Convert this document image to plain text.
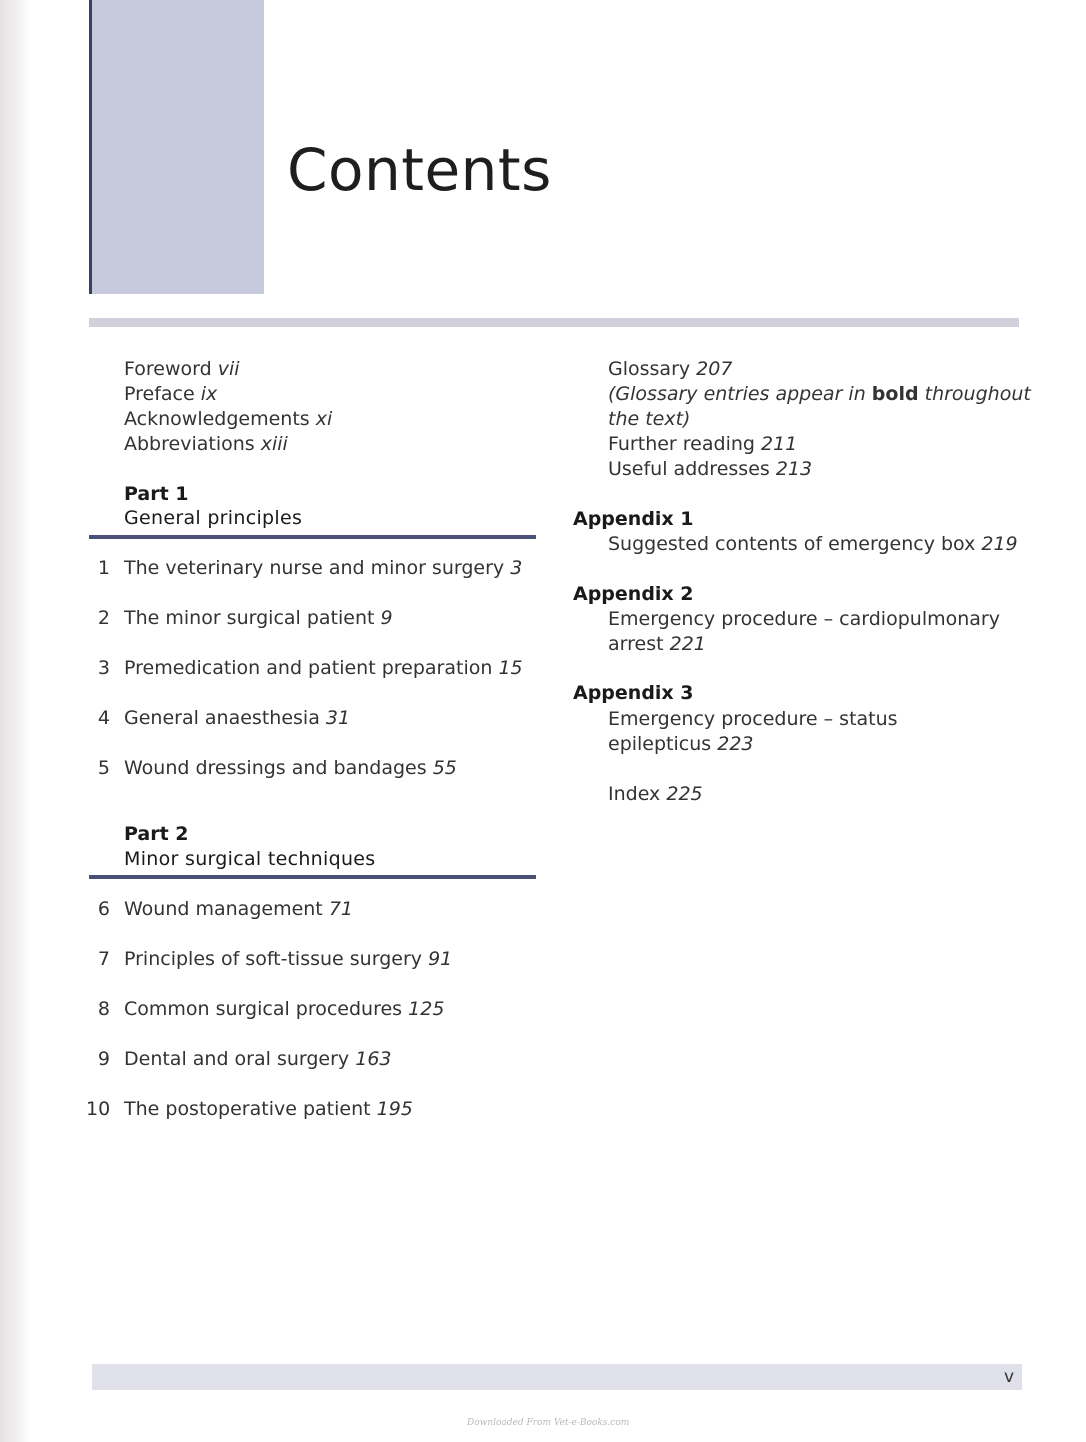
Contents
Foreword vii
Preface ix
Acknowledgements xi
Abbreviations xiii
Part 1
General principles
1 The veterinary nurse and minor surgery 3
2 The minor surgical patient 9
3 Premedication and patient preparation 15
4 General anaesthesia 31
5 Wound dressings and bandages 55
Part 2
Minor surgical techniques
6 Wound management 71
7 Principles of soft-tissue surgery 91
8 Common surgical procedures 125
9 Dental and oral surgery 163
10 The postoperative patient 195
Glossary 207
(Glossary entries appear in bold throughout
the text)
Further reading 211
Useful addresses 213
Appendix 1
Suggested contents of emergency box 219
Appendix 2
Emergency procedure – cardiopulmonary
arrest 221
Appendix 3
Emergency procedure – status
epilepticus 223
Index 225
v
Downloaded From Vet-e-Books.com
